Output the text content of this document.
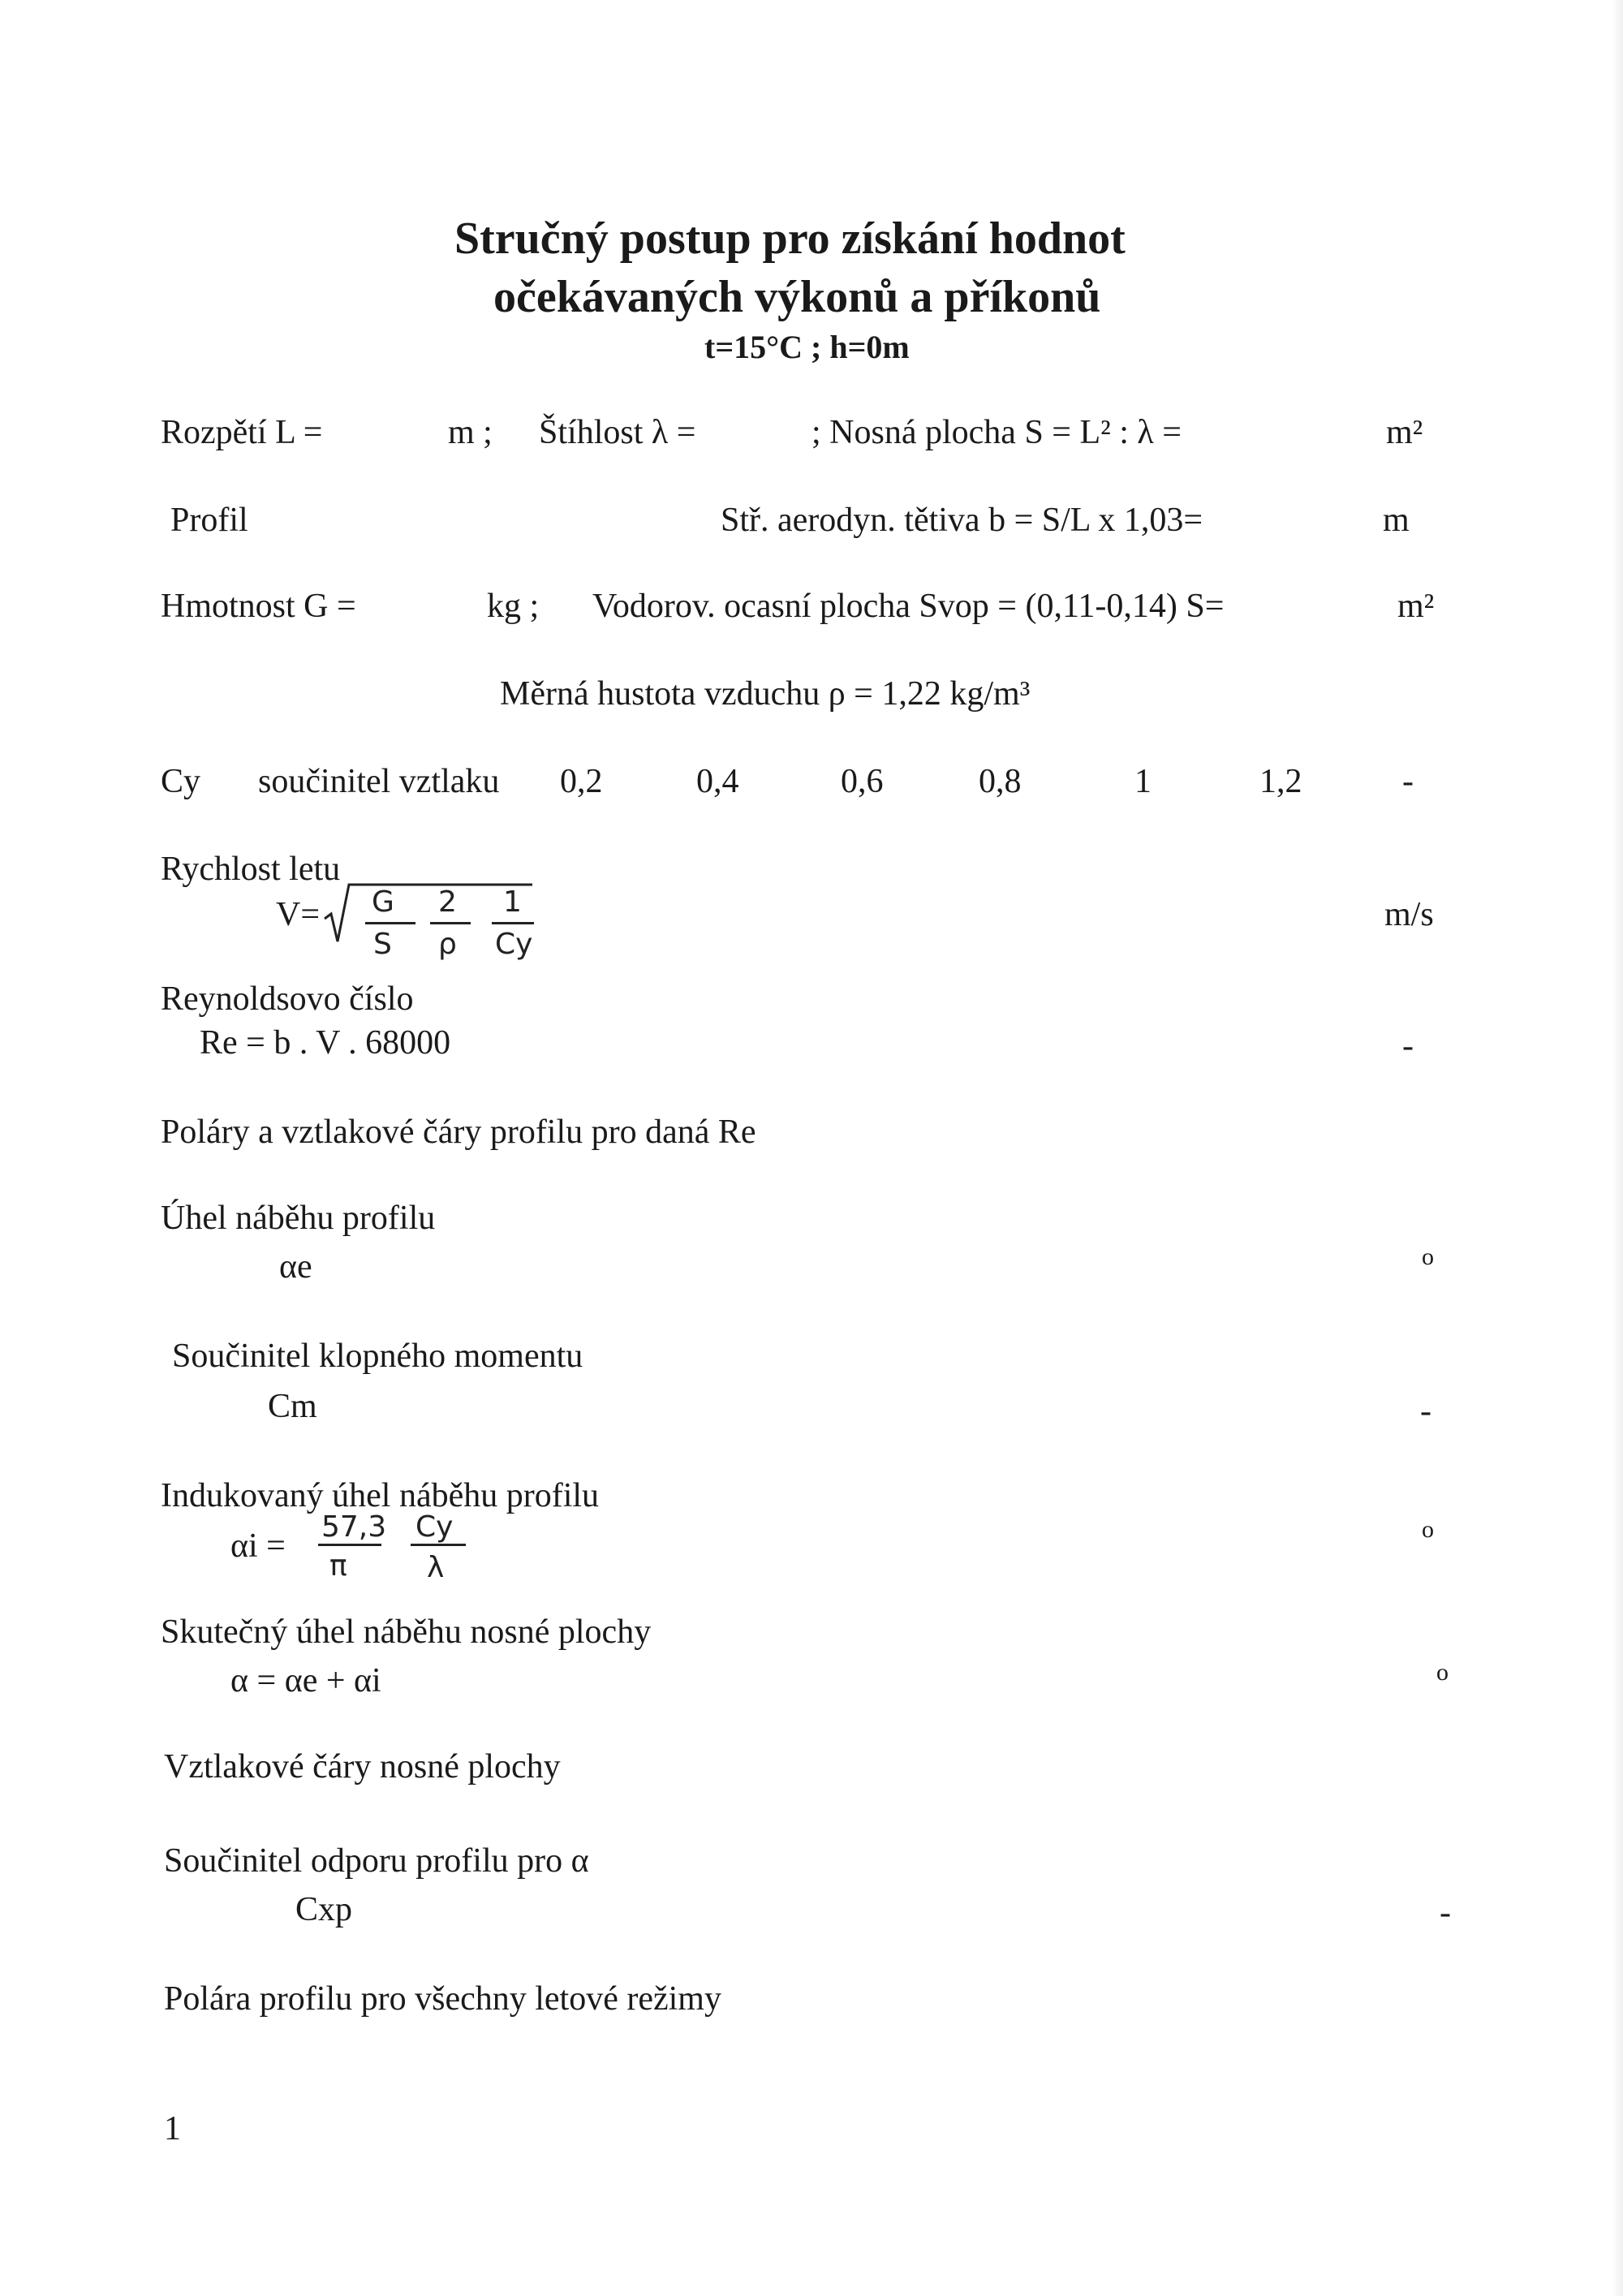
Stručný postup pro získání hodnot
očekávaných výkonů a příkonů
t=15°C ; h=0m
Rozpětí L =	m ; Štíhlost λ =	; Nosná plocha S = L² : λ =	m²
Profil	Stř. aerodyn. tětiva b = S/L x 1,03=	m
Hmotnost G =	kg ; Vodorov. ocasní plocha Svop = (0,11-0,14) S=	m²
Měrná hustota vzduchu ρ = 1,22 kg/m³
Cy součinitel vztlaku 0,2	0,4	0,6	0,8	1	1,2	-
Rychlost letu
V= G 2 1
S ρ Cy
m/s
Reynoldsovo číslo
Re = b . V . 68000	-
Poláry a vztlakové čáry profilu pro daná Re
Úhel náběhu profilu
αe	o
Součinitel klopného momentu
Cm	-
Indukovaný úhel náběhu profilu
αi =
57,3 Cy
π	λ
o
Skutečný úhel náběhu nosné plochy
α = αe + αi	o
Vztlakové čáry nosné plochy
Součinitel odporu profilu pro α
Cxp	-
Polára profilu pro všechny letové režimy
1
